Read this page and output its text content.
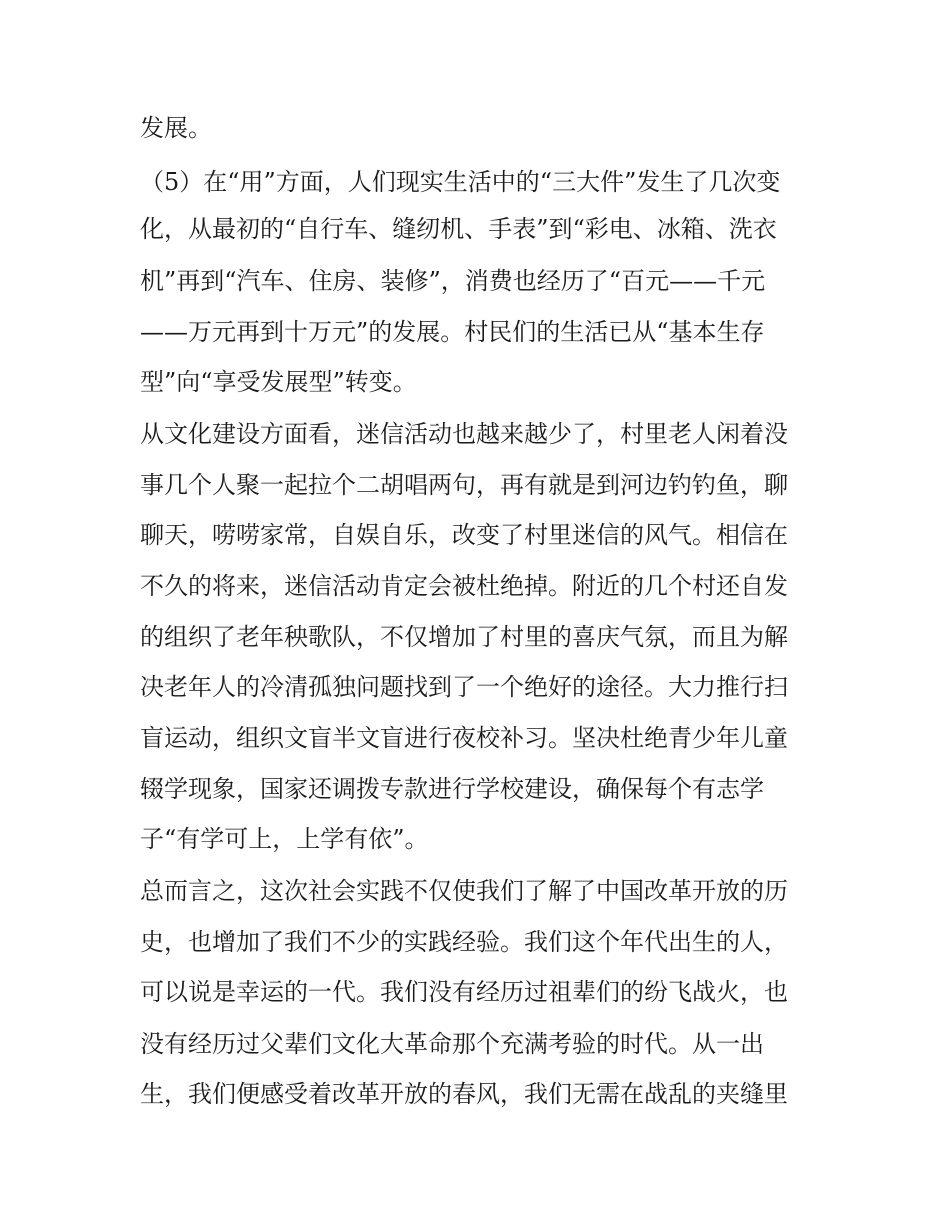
发展。
（5）在“用”方面，人们现实生活中的“三大件”发生了几次变
化，从最初的“自行车、缝纫机、手表”到“彩电、冰箱、洗衣
机”再到“汽车、住房、装修”，消费也经历了“百元——千元
——万元再到十万元”的发展。村民们的生活已从“基本生存
型”向“享受发展型”转变。
从文化建设方面看，迷信活动也越来越少了，村里老人闲着没
事几个人聚一起拉个二胡唱两句，再有就是到河边钓钓鱼，聊
聊天，唠唠家常，自娱自乐，改变了村里迷信的风气。相信在
不久的将来，迷信活动肯定会被杜绝掉。附近的几个村还自发
的组织了老年秧歌队，不仅增加了村里的喜庆气氛，而且为解
决老年人的冷清孤独问题找到了一个绝好的途径。大力推行扫
盲运动，组织文盲半文盲进行夜校补习。坚决杜绝青少年儿童
辍学现象，国家还调拨专款进行学校建设，确保每个有志学
子“有学可上，上学有依”。
总而言之，这次社会实践不仅使我们了解了中国改革开放的历
史，也增加了我们不少的实践经验。我们这个年代出生的人，
可以说是幸运的一代。我们没有经历过祖辈们的纷飞战火，也
没有经历过父辈们文化大革命那个充满考验的时代。从一出
生，我们便感受着改革开放的春风，我们无需在战乱的夹缝里
